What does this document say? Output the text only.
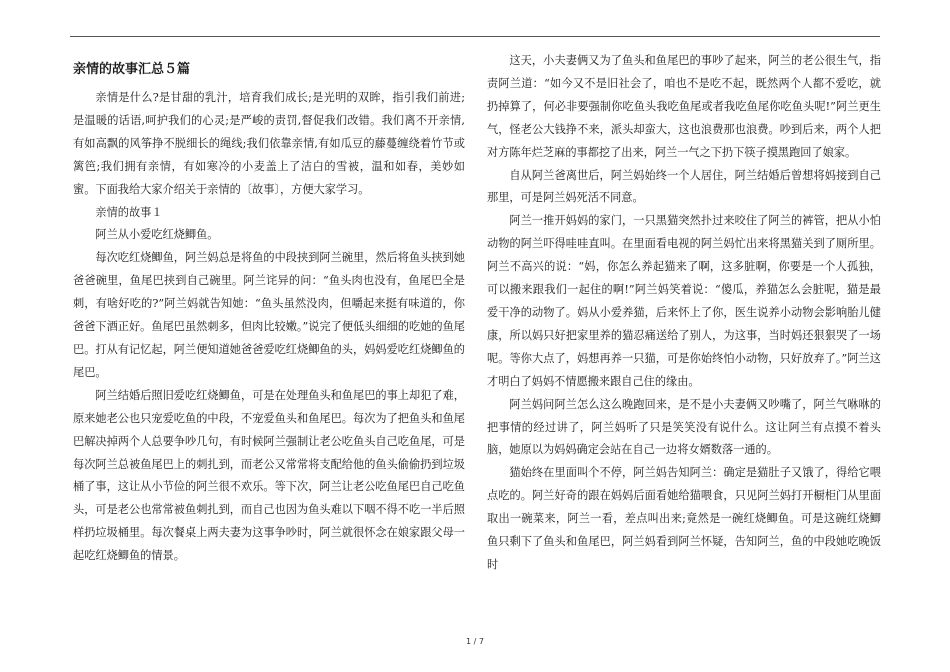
亲情的故事汇总５篇

亲情是什么?是甘甜的乳汁，培育我们成长;是光明的双眸，指引我们前进;是温暖的话语,呵护我们的心灵;是严峻的责罚,督促我们改错。我们离不开亲情,有如高飘的风筝挣不脱细长的绳线;我们依靠亲情,有如瓜豆的藤蔓缠绕着竹节或篱笆;我们拥有亲情，有如寒冷的小麦盖上了洁白的雪被，温和如春，美妙如蜜。下面我给大家介绍关于亲情的〔故事〕，方便大家学习。

亲情的故事１

阿兰从小爱吃红烧鲫鱼。

每次吃红烧鲫鱼，阿兰妈总是将鱼的中段挟到阿兰碗里，然后将鱼头挟到她爸爸碗里，鱼尾巴挟到自己碗里。阿兰诧异的问：“鱼头肉也没有，鱼尾巴全是刺，有啥好吃的?”阿兰妈就告知她：“鱼头虽然没肉，但嚼起来挺有味道的，你爸爸下酒正好。鱼尾巴虽然刺多，但肉比较嫩。”说完了便低头细细的吃她的鱼尾巴。打从有记忆起，阿兰便知道她爸爸爱吃红烧鲫鱼的头，妈妈爱吃红烧鲫鱼的尾巴。

阿兰结婚后照旧爱吃红烧鲫鱼，可是在处理鱼头和鱼尾巴的事上却犯了难，原来她老公也只宠爱吃鱼的中段，不宠爱鱼头和鱼尾巴。每次为了把鱼头和鱼尾巴解决掉两个人总要争吵几句，有时候阿兰强制让老公吃鱼头自己吃鱼尾，可是每次阿兰总被鱼尾巴上的刺扎到，而老公又常常将支配给他的鱼头偷偷扔到垃圾桶了事，这让从小节俭的阿兰很不欢乐。等下次，阿兰让老公吃鱼尾巴自己吃鱼头，可是老公也常常被鱼刺扎到，而自己也因为鱼头难以下咽不得不吃一半后照样扔垃圾桶里。每次餐桌上两夫妻为这事争吵时，阿兰就很怀念在娘家跟父母一起吃红烧鲫鱼的情景。

这天，小夫妻俩又为了鱼头和鱼尾巴的事吵了起来，阿兰的老公很生气，指责阿兰道：“如今又不是旧社会了，咱也不是吃不起，既然两个人都不爱吃，就扔掉算了，何必非要强制你吃鱼头我吃鱼尾或者我吃鱼尾你吃鱼头呢!”阿兰更生气，怪老公大钱挣不来，派头却蛮大，这也浪费那也浪费。吵到后来，两个人把对方陈年烂芝麻的事都挖了出来，阿兰一气之下扔下筷子摸黑跑回了娘家。

自从阿兰爸离世后，阿兰妈始终一个人居住，阿兰结婚后曾想将妈接到自己那里，可是阿兰妈死活不同意。

阿兰一推开妈妈的家门，一只黑猫突然扑过来咬住了阿兰的裤管，把从小怕动物的阿兰吓得哇哇直叫。在里面看电视的阿兰妈忙出来将黑猫关到了厕所里。阿兰不高兴的说：“妈，你怎么养起猫来了啊，这多脏啊，你要是一个人孤独，可以搬来跟我们一起住的啊!”阿兰妈笑着说：“傻瓜，养猫怎么会脏呢，猫是最爱干净的动物了。妈从小爱养猫，后来怀上了你，医生说养小动物会影响胎儿健康，所以妈只好把家里养的猫忍痛送给了别人，为这事，当时妈还狠狠哭了一场呢。等你大点了，妈想再养一只猫，可是你始终怕小动物，只好放弃了。”阿兰这才明白了妈妈不情愿搬来跟自己住的缘由。

阿兰妈问阿兰怎么这么晚跑回来，是不是小夫妻俩又吵嘴了，阿兰气咻咻的把事情的经过讲了，阿兰妈听了只是笑笑没有说什么。这让阿兰有点摸不着头脑，她原以为妈妈确定会站在自己一边将女婿数落一通的。

猫始终在里面叫个不停，阿兰妈告知阿兰：确定是猫肚子又饿了，得给它喂点吃的。阿兰好奇的跟在妈妈后面看她给猫喂食，只见阿兰妈打开橱柜门从里面取出一碗菜来，阿兰一看，差点叫出来;竟然是一碗红烧鲫鱼。可是这碗红烧鲫鱼只剩下了鱼头和鱼尾巴，阿兰妈看到阿兰怀疑，告知阿兰，鱼的中段她吃晚饭时

1 / 7
